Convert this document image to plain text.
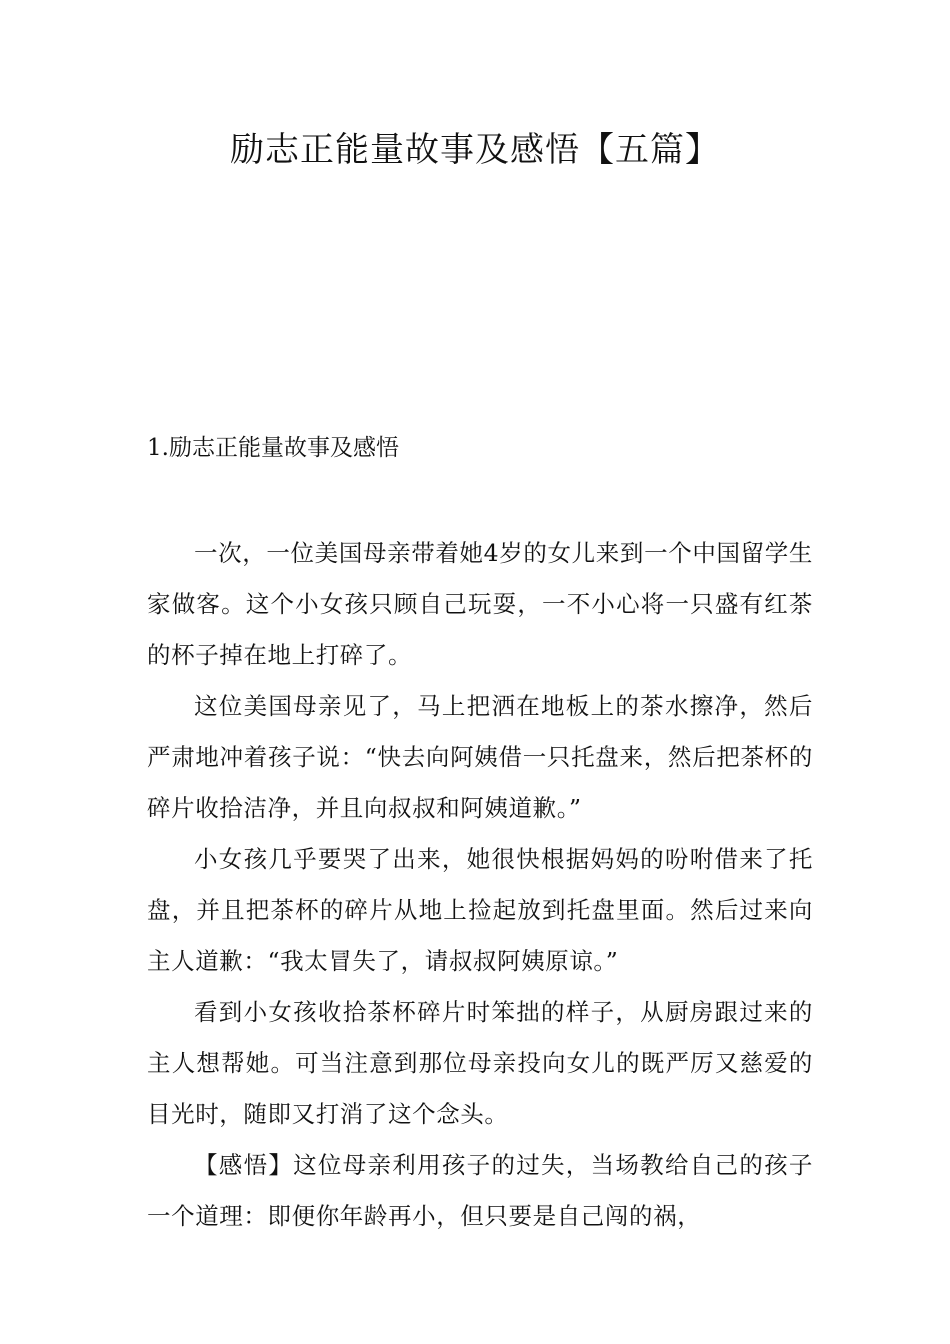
励志正能量故事及感悟【五篇】
1.励志正能量故事及感悟

一次，一位美国母亲带着她4岁的女儿来到一个中国留学生家做客。这个小女孩只顾自己玩耍，一不小心将一只盛有红茶的杯子掉在地上打碎了。

这位美国母亲见了，马上把洒在地板上的茶水擦净，然后严肃地冲着孩子说：“快去向阿姨借一只托盘来，然后把茶杯的碎片收拾洁净，并且向叔叔和阿姨道歉。”

小女孩几乎要哭了出来，她很快根据妈妈的吩咐借来了托盘，并且把茶杯的碎片从地上捡起放到托盘里面。然后过来向主人道歉：“我太冒失了，请叔叔阿姨原谅。”

看到小女孩收拾茶杯碎片时笨拙的样子，从厨房跟过来的主人想帮她。可当注意到那位母亲投向女儿的既严厉又慈爱的目光时，随即又打消了这个念头。

【感悟】这位母亲利用孩子的过失，当场教给自己的孩子一个道理：即便你年龄再小，但只要是自己闯的祸，
